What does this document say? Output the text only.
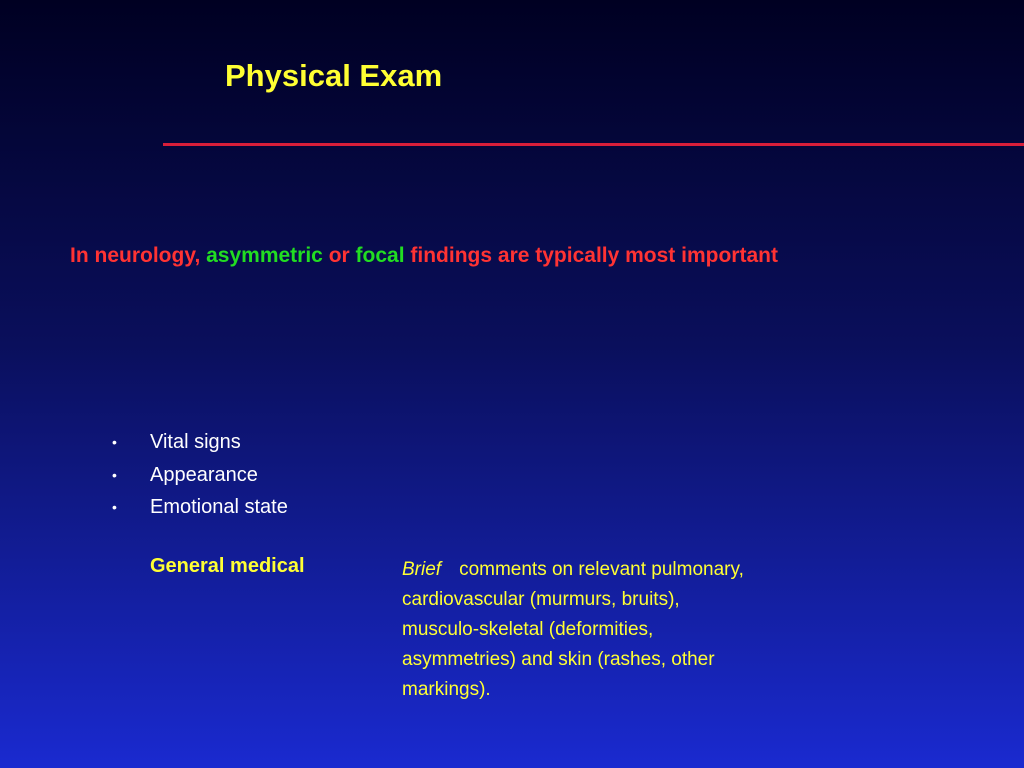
Physical Exam

In neurology, asymmetric or focal findings are typically most important

•	Vital signs
•	Appearance
•	Emotional state
General medical	Brief comments on relevant pulmonary,
cardiovascular (murmurs, bruits),
musculo-skeletal (deformities,
asymmetries) and skin (rashes, other
markings).
